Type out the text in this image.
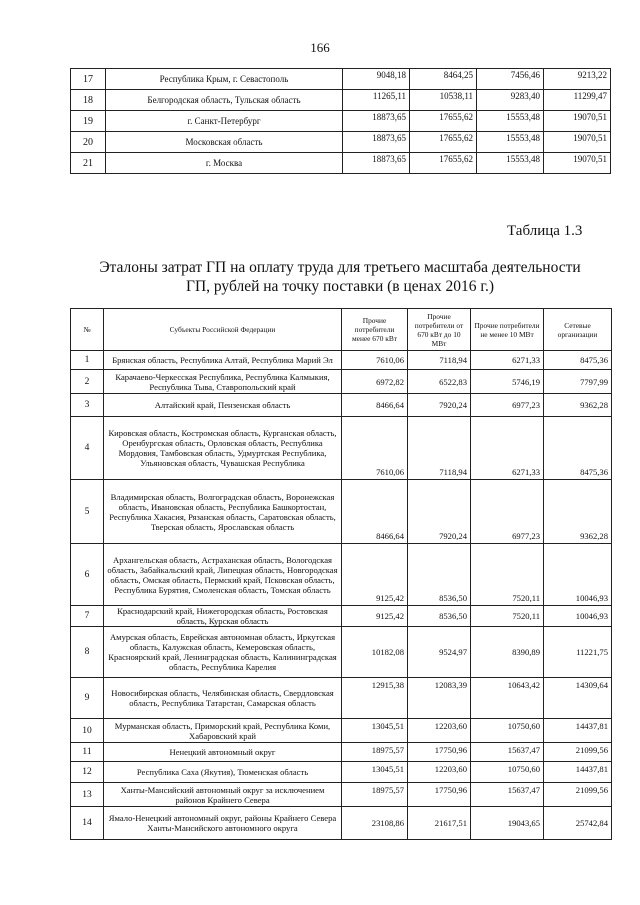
166
17	Республика Крым, г. Севастополь	9048,18	8464,25	7456,46	9213,22
18	Белгородская область, Тульская область	11265,11	10538,11	9283,40	11299,47
19	г. Санкт-Петербург	18873,65	17655,62	15553,48	19070,51
20	Московская область	18873,65	17655,62	15553,48	19070,51
21	г. Москва	18873,65	17655,62	15553,48	19070,51
Таблица 1.3
Эталоны затрат ГП на оплату труда для третьего масштаба деятельности
ГП, рублей на точку поставки (в ценах 2016 г.)
№	Субъекты Российской Федерации	Прочие потребители менее 670 кВт	Прочие потребители от 670 кВт до 10 МВт	Прочие потребители не менее 10 МВт	Сетевые организации
1	Брянская область, Республика Алтай, Республика Марий Эл	7610,06	7118,94	6271,33	8475,36
2	Карачаево-Черкесская Республика, Республика Калмыкия, Республика Тыва, Ставропольский край	6972,82	6522,83	5746,19	7797,99
3	Алтайский край, Пензенская область	8466,64	7920,24	6977,23	9362,28
4	Кировская область, Костромская область, Курганская область, Оренбургская область, Орловская область, Республика Мордовия, Тамбовская область, Удмуртская Республика, Ульяновская область, Чувашская Республика	7610,06	7118,94	6271,33	8475,36
5	Владимирская область, Волгоградская область, Воронежская область, Ивановская область, Республика Башкортостан, Республика Хакасия, Рязанская область, Саратовская область, Тверская область, Ярославская область	8466,64	7920,24	6977,23	9362,28
6	Архангельская область, Астраханская область, Вологодская область, Забайкальский край, Липецкая область, Новгородская область, Омская область, Пермский край, Псковская область, Республика Бурятия, Смоленская область, Томская область	9125,42	8536,50	7520,11	10046,93
7	Краснодарский край, Нижегородская область, Ростовская область, Курская область	9125,42	8536,50	7520,11	10046,93
8	Амурская область, Еврейская автономная область, Иркутская область, Калужская область, Кемеровская область, Красноярский край, Ленинградская область, Калининградская область, Республика Карелия	10182,08	9524,97	8390,89	11221,75
9	Новосибирская область, Челябинская область, Свердловская область, Республика Татарстан, Самарская область	12915,38	12083,39	10643,42	14309,64
10	Мурманская область, Приморский край, Республика Коми, Хабаровский край	13045,51	12203,60	10750,60	14437,81
11	Ненецкий автономный округ	18975,57	17750,96	15637,47	21099,56
12	Республика Саха (Якутия), Тюменская область	13045,51	12203,60	10750,60	14437,81
13	Ханты-Мансийский автономный округ за исключением районов Крайнего Севера	18975,57	17750,96	15637,47	21099,56
14	Ямало-Ненецкий автономный округ, районы Крайнего Севера Ханты-Мансийского автономного округа	23108,86	21617,51	19043,65	25742,84
